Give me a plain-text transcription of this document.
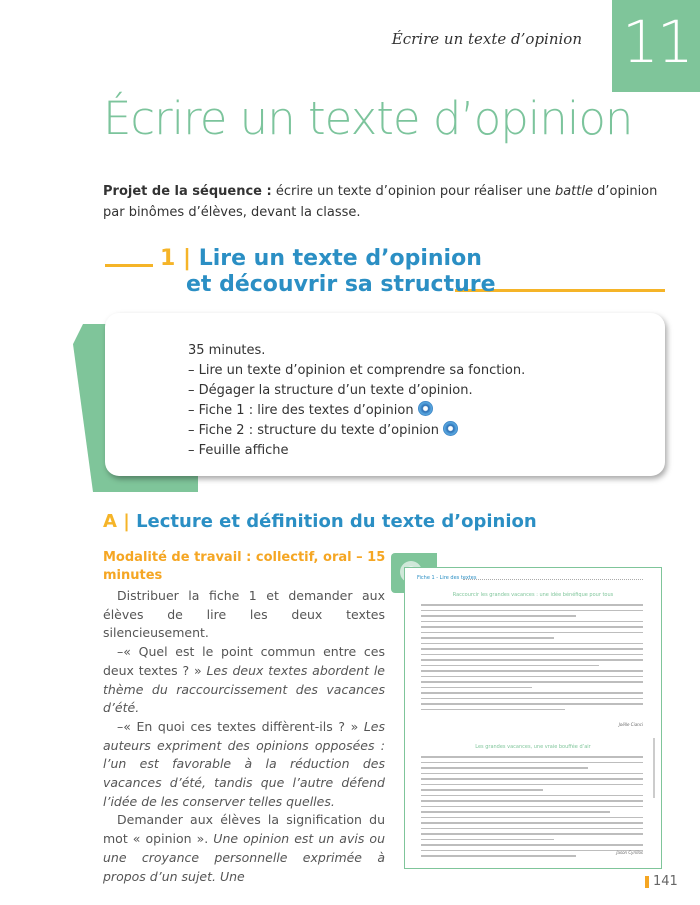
Écrire un texte d’opinion 11
Écrire un texte d’opinion
Projet de la séquence : écrire un texte d’opinion pour réaliser une battle d’opinion par binômes d’élèves, devant la classe.
1 | Lire un texte d’opinion
et découvrir sa structure
Durée
Objectifs
Matériel
35 minutes.
– Lire un texte d’opinion et comprendre sa fonction.
– Dégager la structure d’un texte d’opinion.
– Fiche 1 : lire des textes d’opinion
– Fiche 2 : structure du texte d’opinion
– Feuille affiche
A | Lecture et définition du texte d’opinion
Modalité de travail : collectif, oral – 15 minutes

Distribuer la fiche 1 et demander aux élèves de lire les deux textes silencieusement.

–« Quel est le point commun entre ces deux textes ? » Les deux textes abordent le thème du raccourcissement des vacances d’été.

–« En quoi ces textes diffèrent-ils ? » Les auteurs expriment des opinions opposées : l’un est favorable à la réduction des vacances d’été, tandis que l’autre défend l’idée de les conserver telles quelles.

Demander aux élèves la signification du mot « opinion ». Une opinion est un avis ou une croyance personnelle exprimée à propos d’un sujet. Une

Fiche 1 - Lire des textes
Raccourcir les grandes vacances : une idée bénéfique pour tous
Joëlle Cianci
Les grandes vacances, une vraie bouffée d’air
Jason Cyrillos
141
